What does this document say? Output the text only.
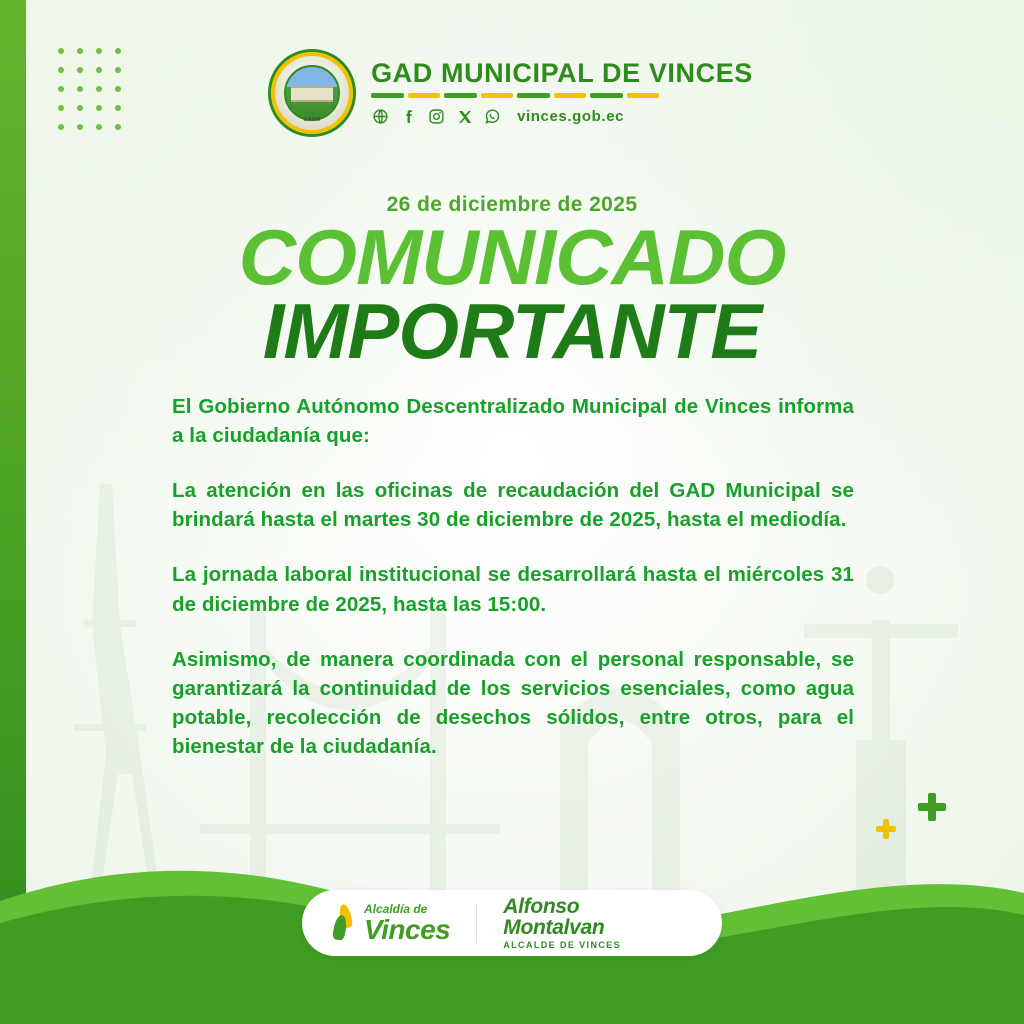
GADM
GAD MUNICIPAL DE VINCES
vinces.gob.ec
26 de diciembre de 2025
COMUNICADO
IMPORTANTE

El Gobierno Autónomo Descentralizado Municipal de Vinces informa a la ciudadanía que:

La atención en las oficinas de recaudación del GAD Municipal se brindará hasta el martes 30 de diciembre de 2025, hasta el mediodía.

La jornada laboral institucional se desarrollará hasta el miércoles 31 de diciembre de 2025, hasta las 15:00.

Asimismo, de manera coordinada con el personal responsable, se garantizará la continuidad de los servicios esenciales, como agua potable, recolección de desechos sólidos, entre otros, para el bienestar de la ciudadanía.

Alcaldía de
Vinces
Alfonso
Montalvan
ALCALDE DE VINCES
